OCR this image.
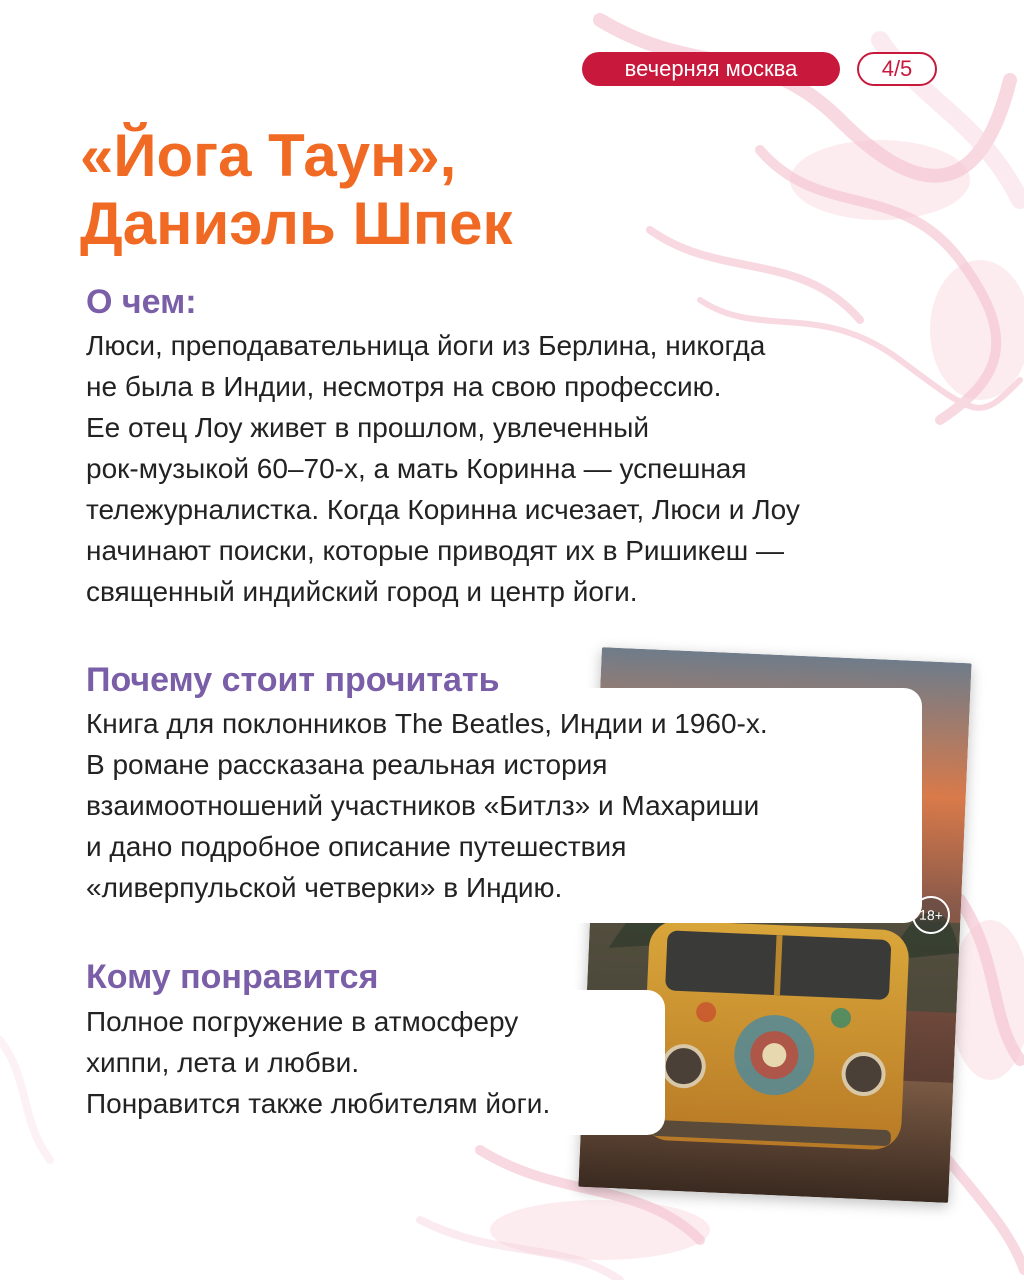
вечерняя москва	4/5
«Йога Таун»,
Даниэль Шпек
О чем:

Люси, преподавательница йоги из Берлина, никогда
не была в Индии, несмотря на свою профессию.
Ее отец Лоу живет в прошлом, увлеченный
рок-музыкой 60–70-х, а мать Коринна — успешная
тележурналистка. Когда Коринна исчезает, Люси и Лоу
начинают поиски, которые приводят их в Ришикеш —
священный индийский город и центр йоги.

18+
Почему стоит прочитать

Книга для поклонников The Beatles, Индии и 1960-х.
В романе рассказана реальная история
взаимоотношений участников «Битлз» и Махариши
и дано подробное описание путешествия
«ливерпульской четверки» в Индию.

Кому понравится

Полное погружение в атмосферу
хиппи, лета и любви.
Понравится также любителям йоги.
